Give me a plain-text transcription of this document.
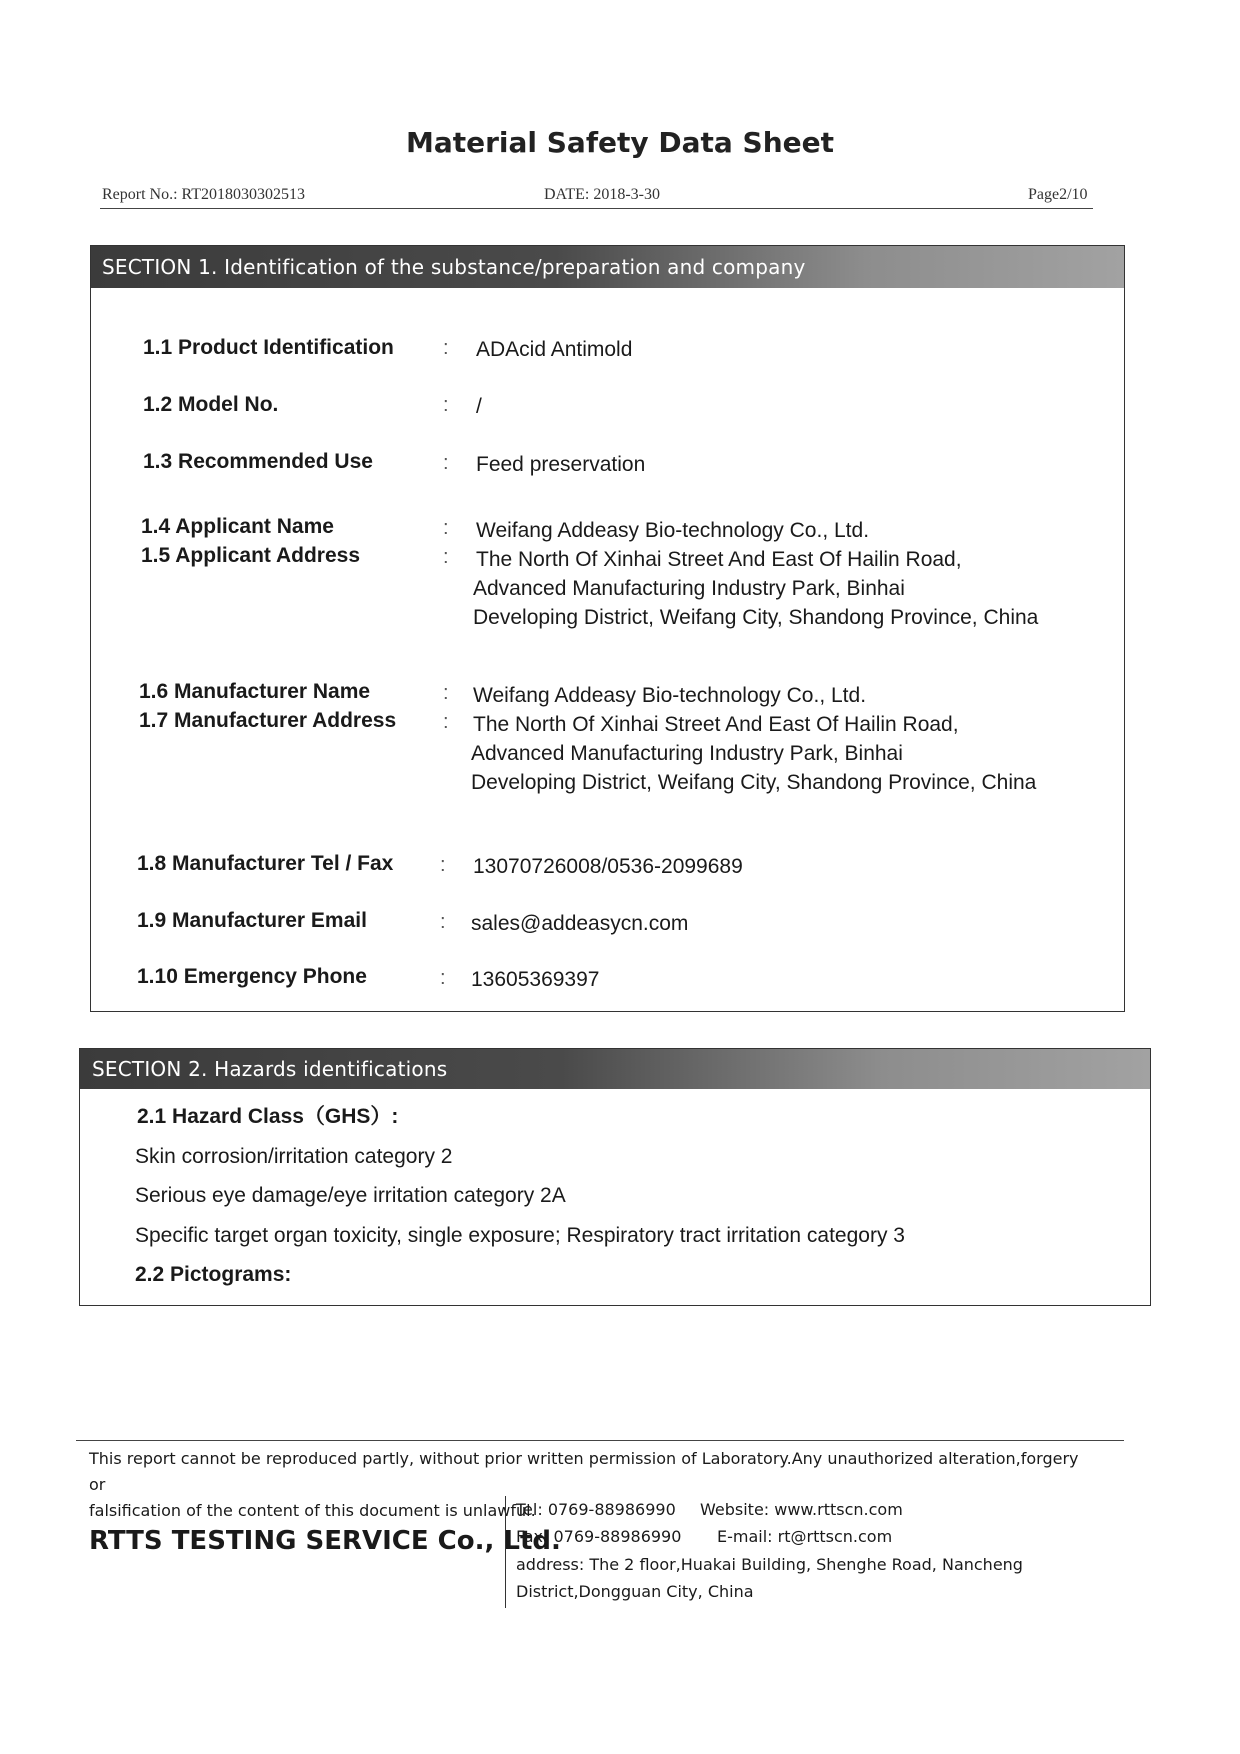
Material Safety Data Sheet
Report No.: RT2018030302513	DATE: 2018-3-30	Page2/10
SECTION 1. Identification of the substance/preparation and company
1.1 Product Identification : ADAcid Antimold
1.2 Model No.	: /
1.3 Recommended Use	: Feed preservation
1.4 Applicant Name	: Weifang Addeasy Bio-technology Co., Ltd.
1.5 Applicant Address	: The North Of Xinhai Street And East Of Hailin Road,
Advanced Manufacturing Industry Park, Binhai
Developing District, Weifang City, Shandong Province, China
1.6 Manufacturer Name	: Weifang Addeasy Bio-technology Co., Ltd.
1.7 Manufacturer Address : The North Of Xinhai Street And East Of Hailin Road,
Advanced Manufacturing Industry Park, Binhai
Developing District, Weifang City, Shandong Province, China
1.8 Manufacturer Tel / Fax : 13070726008/0536-2099689
1.9 Manufacturer Email	: sales@addeasycn.com
1.10 Emergency Phone	: 13605369397
SECTION 2. Hazards identifications
2.1 Hazard Class（GHS）:
Skin corrosion/irritation category 2
Serious eye damage/eye irritation category 2A
Specific target organ toxicity, single exposure; Respiratory tract irritation category 3
2.2 Pictograms:
This report cannot be reproduced partly, without prior written permission of Laboratory.Any unauthorized alteration,forgery or
falsification of the content of this document is unlawful.
RTTS TESTING SERVICE Co., Ltd.
Tel: 0769-88986990 Website: www.rttscn.com
Fax: 0769-88986990 E-mail: rt@rttscn.com
address: The 2 floor,Huakai Building, Shenghe Road, Nancheng
District,Dongguan City, China
